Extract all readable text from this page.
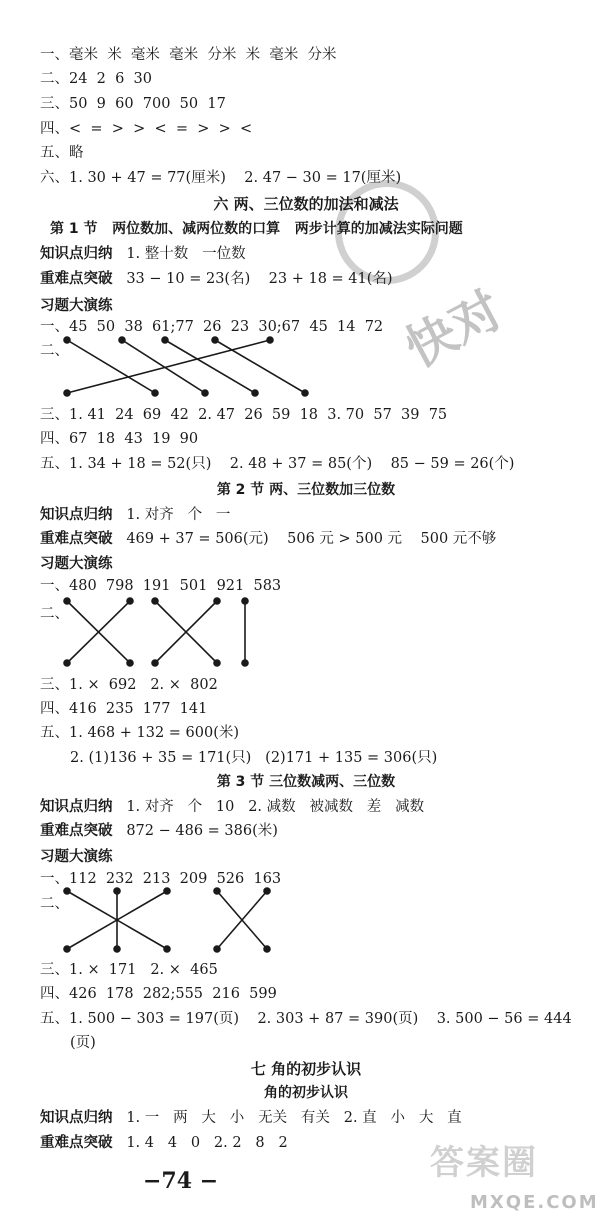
一、毫米  米  毫米  毫米  分米  米  毫米  分米
二、24  2  6  30
三、50  9  60  700  50  17
四、<  =  >  >  <  =  >  >  <
五、略
六、1. 30 + 47 = 77(厘米)    2. 47 − 30 = 17(厘米)
六 两、三位数的加法和减法
第 1 节   两位数加、减两位数的口算   两步计算的加减法实际问题
知识点归纳 1. 整十数   一位数
重难点突破 33 − 10 = 23(名)    23 + 18 = 41(名)
习题大演练
一、45  50  38  61;77  26  23  30;67  45  14  72
二、
三、1. 41  24  69  42  2. 47  26  59  18  3. 70  57  39  75
四、67  18  43  19  90
五、1. 34 + 18 = 52(只)    2. 48 + 37 = 85(个)    85 − 59 = 26(个)
第 2 节 两、三位数加三位数
知识点归纳 1. 对齐   个   一
重难点突破 469 + 37 = 506(元)    506 元 > 500 元    500 元不够
习题大演练
一、480  798  191  501  921  583
二、
三、1. ×  692   2. ×  802
四、416  235  177  141
五、1. 468 + 132 = 600(米)
2. (1)136 + 35 = 171(只)   (2)171 + 135 = 306(只)
第 3 节 三位数减两、三位数
知识点归纳 1. 对齐   个   10   2. 减数   被减数   差   减数
重难点突破 872 − 486 = 386(米)
习题大演练
一、112  232  213  209  526  163
二、
三、1. ×  171   2. ×  465
四、426  178  282;555  216  599
五、1. 500 − 303 = 197(页)    2. 303 + 87 = 390(页)    3. 500 − 56 = 444
(页)
七 角的初步认识
角的初步认识
知识点归纳 1. 一   两   大   小   无关   有关   2. 直   小   大   直
重难点突破 1. 4   4   0   2. 2   8   2
−74 −
快对
答案圈
MXQE.COM
